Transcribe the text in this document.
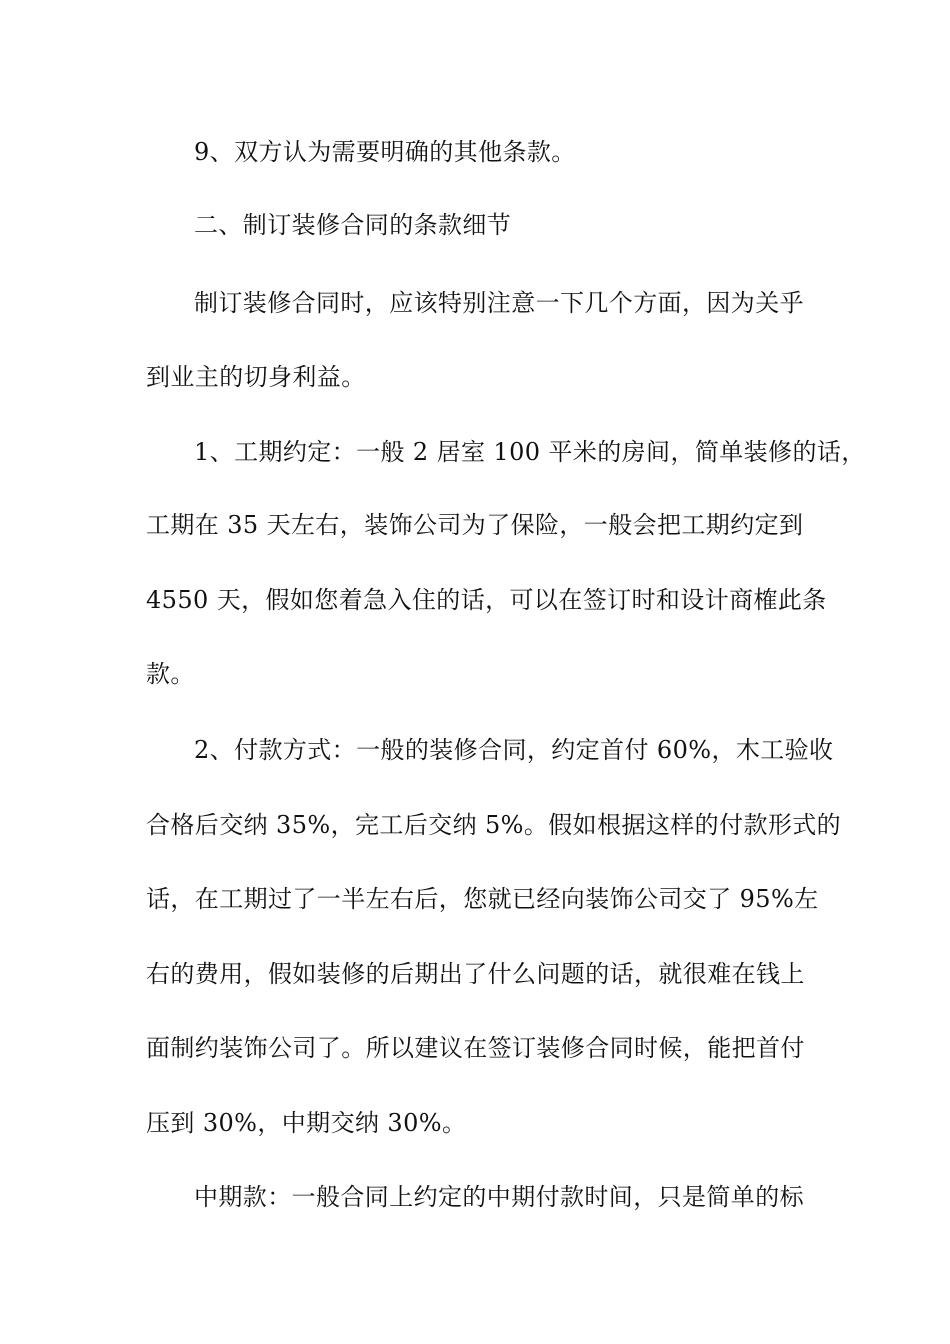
9、双方认为需要明确的其他条款。
二、制订装修合同的条款细节
制订装修合同时，应该特别注意一下几个方面，因为关乎
到业主的切身利益。
1、工期约定：一般 2 居室 100 平米的房间，简单装修的话，
工期在 35 天左右，装饰公司为了保险，一般会把工期约定到
4550 天，假如您着急入住的话，可以在签订时和设计商榷此条
款。
2、付款方式：一般的装修合同，约定首付 60%，木工验收
合格后交纳 35%，完工后交纳 5%。假如根据这样的付款形式的
话，在工期过了一半左右后，您就已经向装饰公司交了 95%左
右的费用，假如装修的后期出了什么问题的话，就很难在钱上
面制约装饰公司了。所以建议在签订装修合同时候，能把首付
压到 30%，中期交纳 30%。
中期款：一般合同上约定的中期付款时间，只是简单的标
